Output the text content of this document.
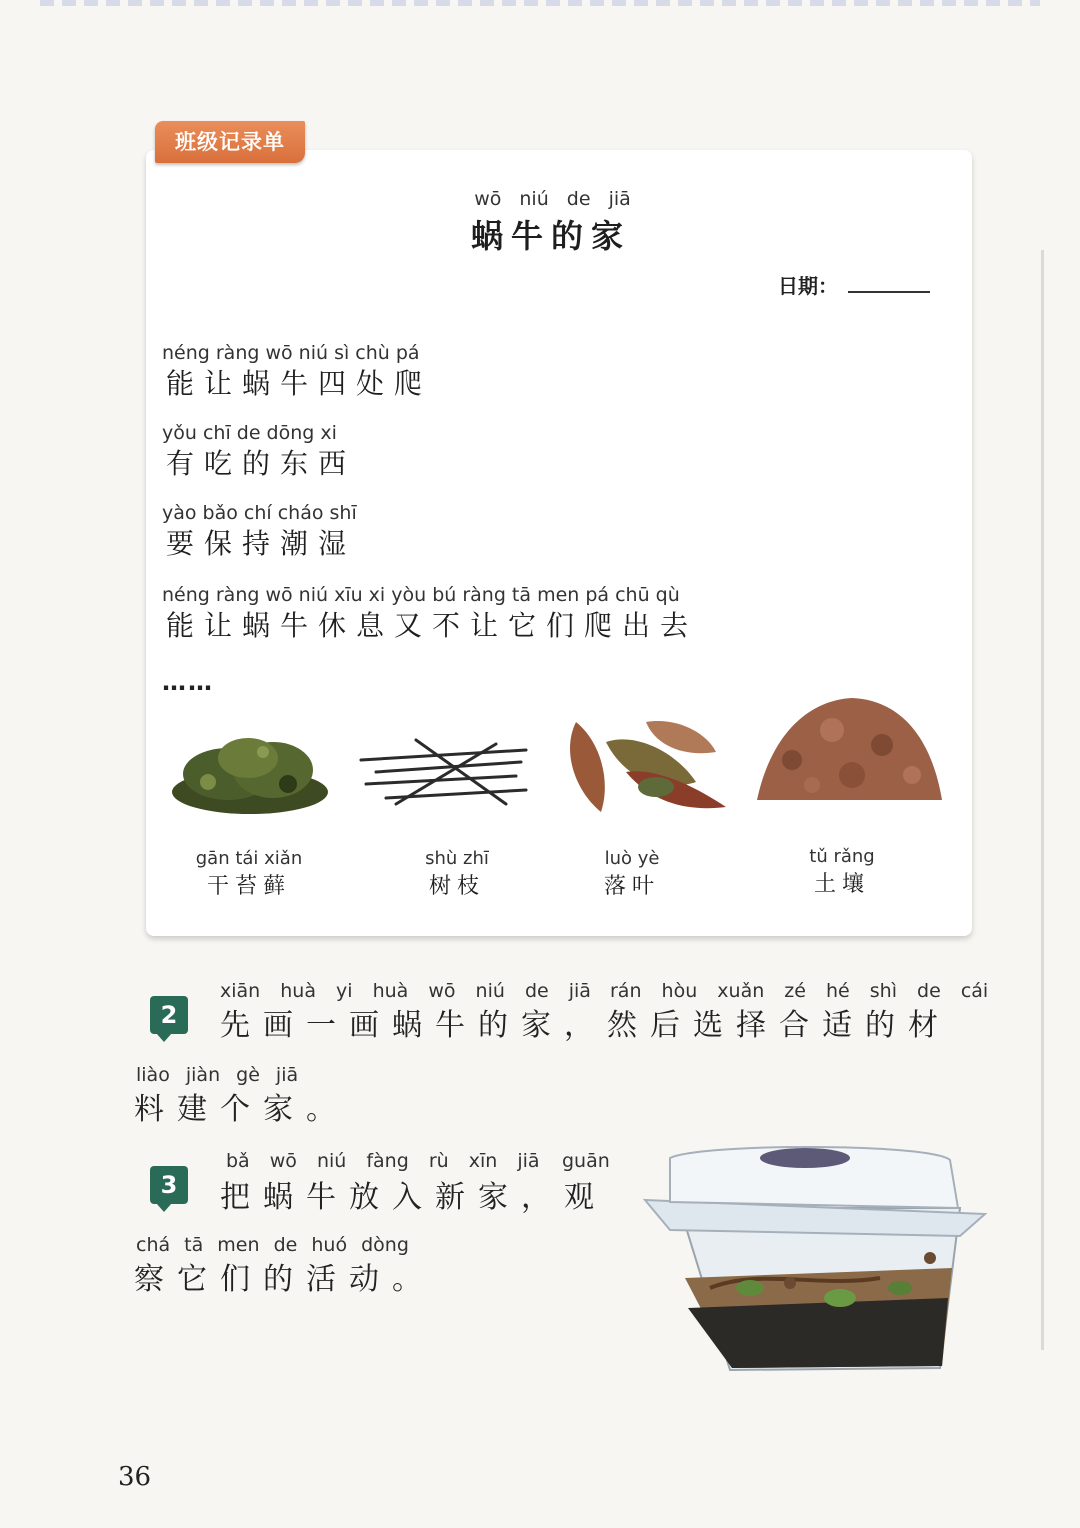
班级记录单
wō niú de jiā
蜗牛的家
日期：
néng ràng wō niú sì chù pá
能让蜗牛四处爬
yǒu chī de dōng xi
有吃的东西
yào bǎo chí cháo shī
要保持潮湿
néng ràng wō niú xīu xi yòu bú ràng tā men pá chū qù
能让蜗牛休息又不让它们爬出去
……
gān tái xiǎn
干苔藓
shù zhī
树枝
luò yè
落叶
tǔ rǎng
土壤
2
xiān huà yi huà wō niú de jiā rán hòu xuǎn zé hé shì de cái
先画一画蜗牛的家，然后选择合适的材
liào jiàn gè jiā
料建个家。
3
bǎ wō niú fàng rù xīn jiā guān
把蜗牛放入新家，观
chá tā men de huó dòng
察它们的活动。
36
